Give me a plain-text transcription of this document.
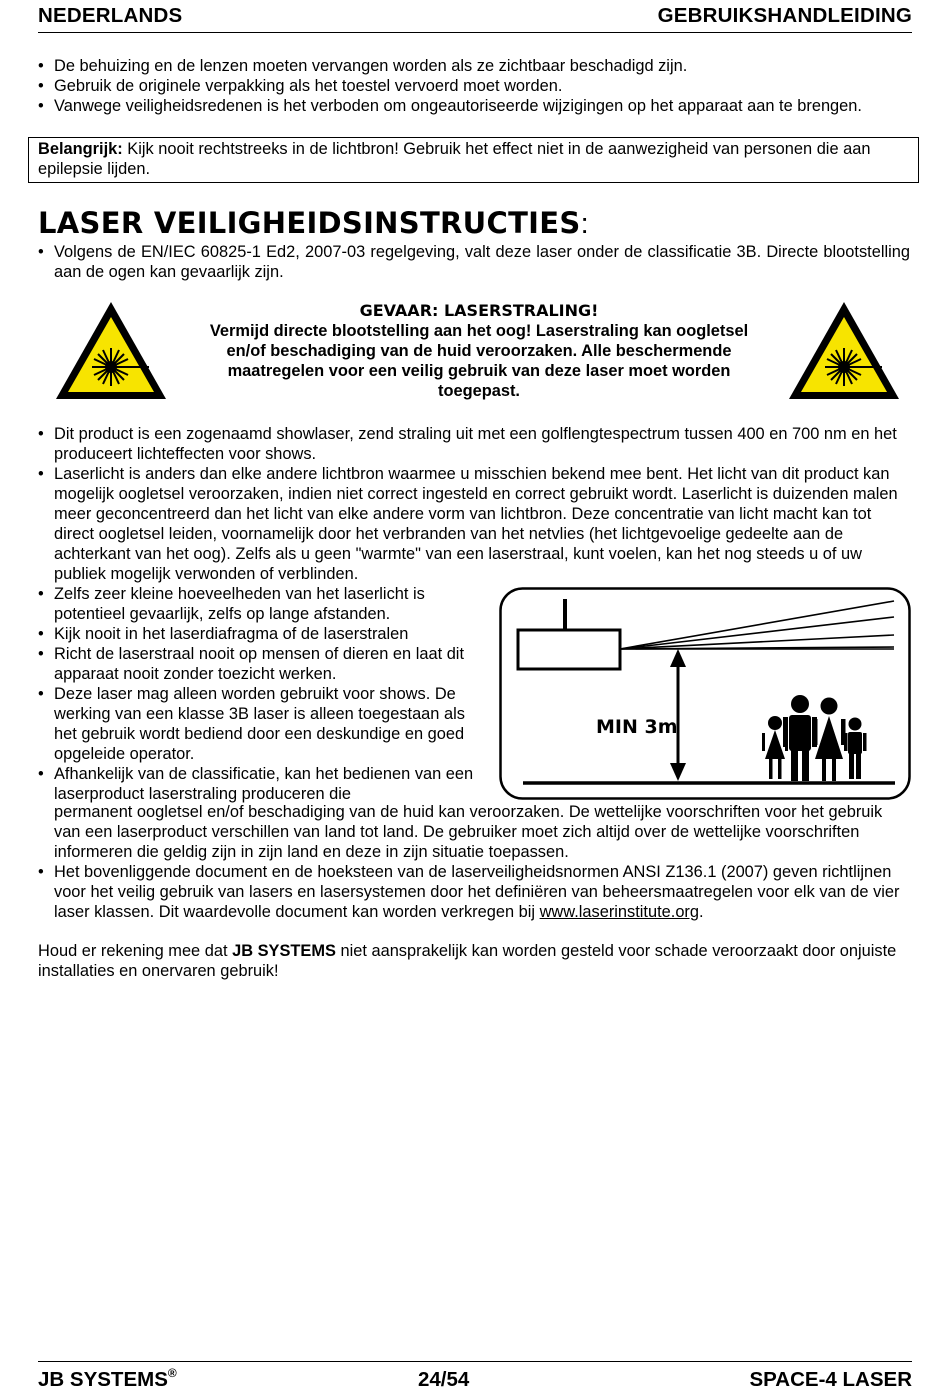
NEDERLANDS	GEBRUIKSHANDLEIDING
• De behuizing en de lenzen moeten vervangen worden als ze zichtbaar beschadigd zijn.
• Gebruik de originele verpakking als het toestel vervoerd moet worden.
• Vanwege veiligheidsredenen is het verboden om ongeautoriseerde wijzigingen op het apparaat aan te brengen.
Belangrijk: Kijk nooit rechtstreeks in de lichtbron! Gebruik het effect niet in de aanwezigheid van personen die aan epilepsie lijden.
LASER VEILIGHEIDSINSTRUCTIES:
• Volgens de EN/IEC 60825-1 Ed2, 2007-03 regelgeving, valt deze laser onder de classificatie 3B. Directe blootstelling aan de ogen kan gevaarlijk zijn.
GEVAAR: LASERSTRALING!
Vermijd directe blootstelling aan het oog! Laserstraling kan oogletsel en/of beschadiging van de huid veroorzaken. Alle beschermende maatregelen voor een veilig gebruik van deze laser moet worden toegepast.
• Dit product is een zogenaamd showlaser, zend straling uit met een golflengtespectrum tussen 400 en 700 nm en het produceert lichteffecten voor shows.
• Laserlicht is anders dan elke andere lichtbron waarmee u misschien bekend mee bent. Het licht van dit product kan mogelijk oogletsel veroorzaken, indien niet correct ingesteld en correct gebruikt wordt. Laserlicht is duizenden malen meer geconcentreerd dan het licht van elke andere vorm van lichtbron. Deze concentratie van licht macht kan tot direct oogletsel leiden, voornamelijk door het verbranden van het netvlies (het lichtgevoelige gedeelte aan de achterkant van het oog). Zelfs als u geen "warmte" van een laserstraal, kunt voelen, kan het nog steeds u of uw publiek mogelijk verwonden of verblinden.
• Zelfs zeer kleine hoeveelheden van het laserlicht is potentieel gevaarlijk, zelfs op lange afstanden.
• Kijk nooit in het laserdiafragma of de laserstralen
• Richt de laserstraal nooit op mensen of dieren en laat dit apparaat nooit zonder toezicht werken.
• Deze laser mag alleen worden gebruikt voor shows. De werking van een klasse 3B laser is alleen toegestaan als het gebruik wordt bediend door een deskundige en goed opgeleide operator.
• Afhankelijk van de classificatie, kan het bedienen van een laserproduct laserstraling produceren die
MIN 3m
permanent oogletsel en/of beschadiging van de huid kan veroorzaken. De wettelijke voorschriften voor het gebruik van een laserproduct verschillen van land tot land. De gebruiker moet zich altijd over de wettelijke voorschriften informeren die geldig zijn in zijn land en deze in zijn situatie toepassen.
• Het bovenliggende document en de hoeksteen van de laserveiligheidsnormen ANSI Z136.1 (2007) geven richtlijnen voor het veilig gebruik van lasers en lasersystemen door het definiëren van beheersmaatregelen voor elk van de vier laser klassen. Dit waardevolle document kan worden verkregen bij www.laserinstitute.org.
Houd er rekening mee dat JB SYSTEMS niet aansprakelijk kan worden gesteld voor schade veroorzaakt door onjuiste installaties en onervaren gebruik!
JB SYSTEMS®	24/54	SPACE-4 LASER
